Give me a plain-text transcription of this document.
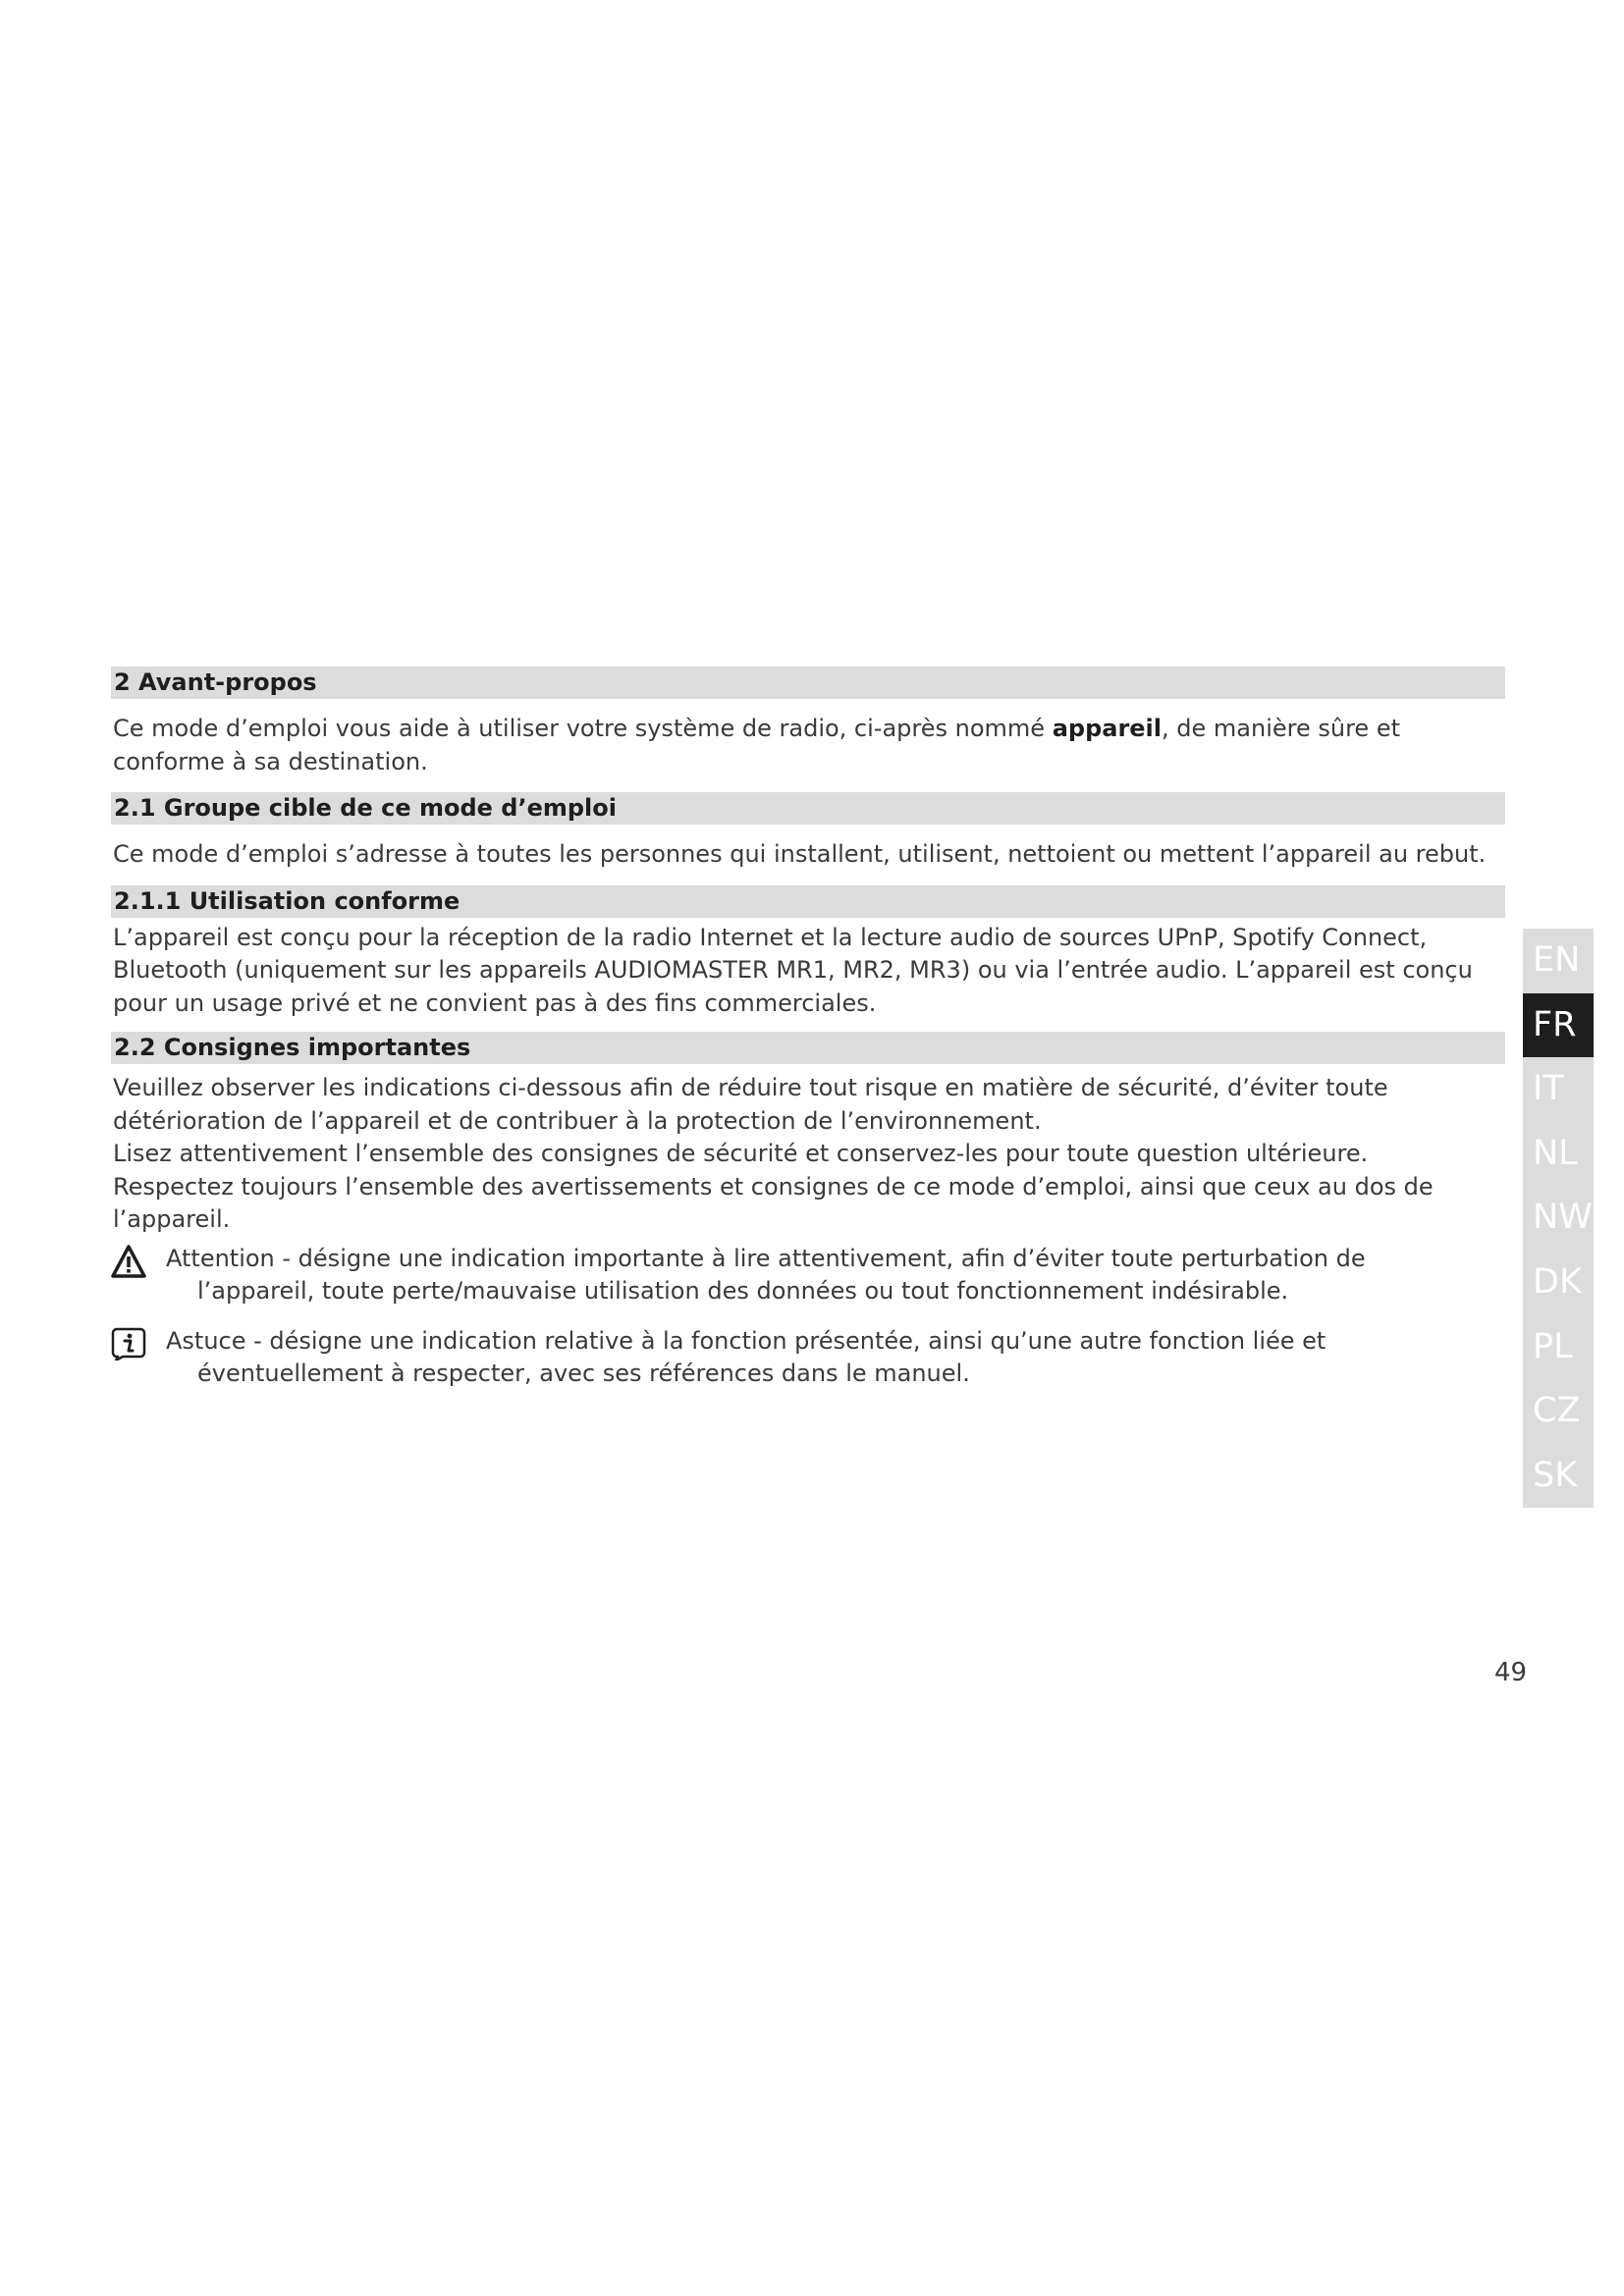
2 Avant-propos

Ce mode d’emploi vous aide à utiliser votre système de radio, ci-après nommé appareil, de manière sûre et conforme à sa destination.

2.1 Groupe cible de ce mode d’emploi

Ce mode d’emploi s’adresse à toutes les personnes qui installent, utilisent, nettoient ou mettent l’appareil au rebut.

2.1.1 Utilisation conforme

L’appareil est conçu pour la réception de la radio Internet et la lecture audio de sources UPnP, Spotify Connect, Bluetooth (uniquement sur les appareils AUDIOMASTER MR1, MR2, MR3) ou via l’entrée audio. L’appareil est conçu pour un usage privé et ne convient pas à des fins commerciales.

2.2 Consignes importantes

Veuillez observer les indications ci-dessous afin de réduire tout risque en matière de sécurité, d’éviter toute détérioration de l’appareil et de contribuer à la protection de l’environnement.

Lisez attentivement l’ensemble des consignes de sécurité et conservez-les pour toute question ultérieure.

Respectez toujours l’ensemble des avertissements et consignes de ce mode d’emploi, ainsi que ceux au dos de l’appareil.

Attention - désigne une indication importante à lire attentivement, afin d’éviter toute perturbation de
l’appareil, toute perte/mauvaise utilisation des données ou tout fonctionnement indésirable.
Astuce - désigne une indication relative à la fonction présentée, ainsi qu’une autre fonction liée et
éventuellement à respecter, avec ses références dans le manuel.
EN
FR
IT
NL
NW
DK
PL
CZ
SK
49
